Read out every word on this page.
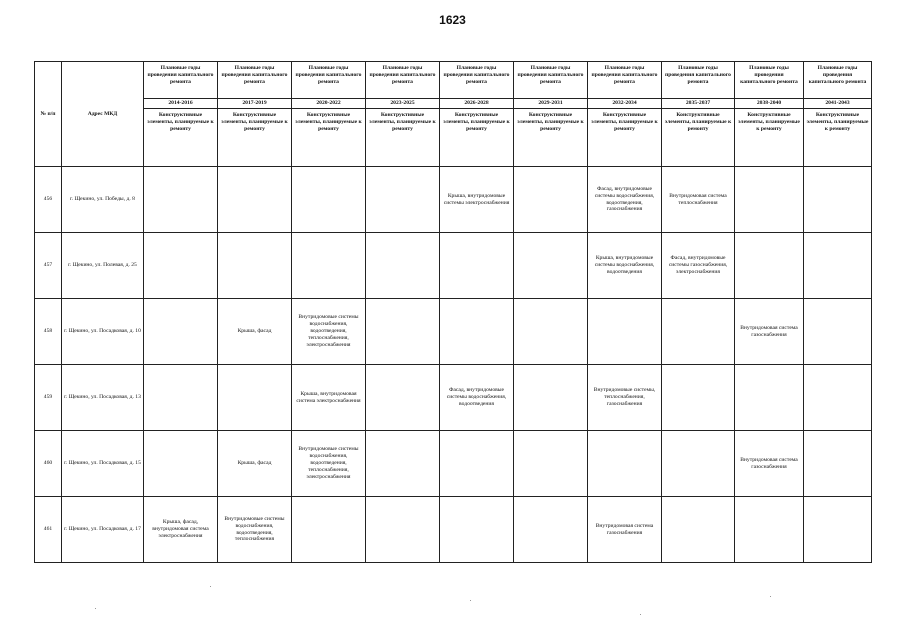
1623
№ п/п	Адрес МКД	Плановые годы проведения капитального ремонта	Плановые годы проведения капитального ремонта	Плановые годы проведения капитального ремонта	Плановые годы проведения капитального ремонта	Плановые годы проведения капитального ремонта	Плановые годы проведения капитального ремонта	Плановые годы проведения капитального ремонта	Плановые годы проведения капитального ремонта	Плановые годы проведения капитального ремонта	Плановые годы проведения капитального ремонта
		2014-2016	2017-2019	2020-2022	2023-2025	2026-2028	2029-2031	2032-2034	2035-2037	2038-2040	2041-2043
		Конструктивные элементы, планируемые к ремонту	Конструктивные элементы, планируемые к ремонту	Конструктивные элементы, планируемые к ремонту	Конструктивные элементы, планируемые к ремонту	Конструктивные элементы, планируемые к ремонту	Конструктивные элементы, планируемые к ремонту	Конструктивные элементы, планируемые к ремонту	Конструктивные элементы, планируемые к ремонту	Конструктивные элементы, планируемые к ремонту	Конструктивные элементы, планируемые к ремонту
456	г. Щекино, ул. Победы, д. 8					Крыша, внутридомовые системы электроснабжения		Фасад, внутридомовые системы водоснабжения, водоотведения, газоснабжения	Внутридомовая система теплоснабжения		

457	г. Щекино, ул. Полевая, д. 25							Крыша, внутридомовые системы водоснабжения, водоотведения	Фасад, внутридомовые системы газоснабжения, электроснабжения		

458	г. Щекино, ул. Посадковая, д. 10		Крыша, фасад	Внутридомовые системы водоснабжения, водоотведения, теплоснабжения, электроснабжения						Внутридомовая система газоснабжения	

459	г. Щекино, ул. Посадковая, д. 13			Крыша, внутридомовая система электроснабжения		Фасад, внутридомовые системы водоснабжения, водоотведения		Внутридомовые системы, теплоснабжения, газоснабжения			

460	г. Щекино, ул. Посадковая, д. 15		Крыша, фасад	Внутридомовые системы водоснабжения, водоотведения, теплоснабжения, электроснабжения						Внутридомовая система газоснабжения	

461	г. Щекино, ул. Посадковая, д. 17	Крыша, фасад, внутридомовая система электроснабжения	Внутридомовые системы водоснабжения, водоотведения, теплоснабжения					Внутридомовая система газоснабжения			
